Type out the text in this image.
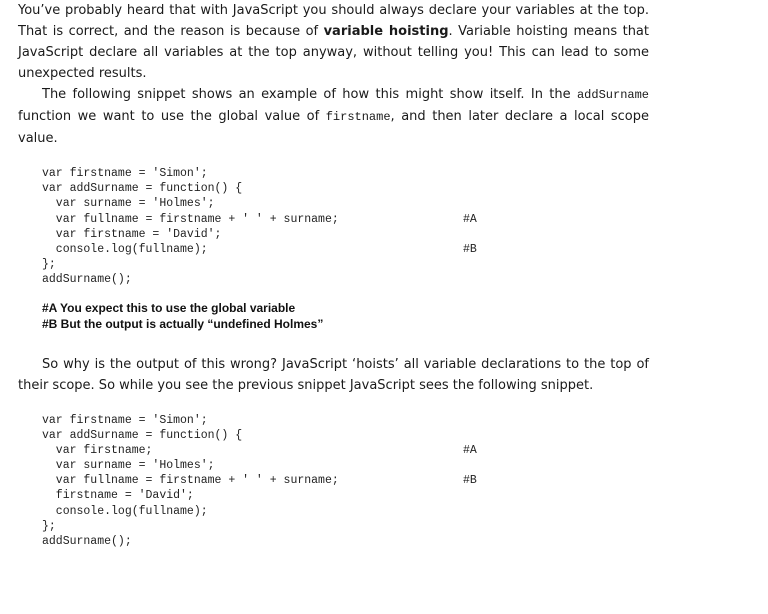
You’ve probably heard that with JavaScript you should always declare your variables at the top. That is correct, and the reason is because of variable hoisting. Variable hoisting means that JavaScript declare all variables at the top anyway, without telling you! This can lead to some unexpected results.

The following snippet shows an example of how this might show itself. In the addSurname function we want to use the global value of firstname, and then later declare a local scope value.

var firstname = 'Simon';
var addSurname = function() {
var surname = 'Holmes';
var fullname = firstname + ' ' + surname;	#A
var firstname = 'David';
console.log(fullname);	#B
};
addSurname();
#A You expect this to use the global variable
#B But the output is actually “undefined Holmes”

So why is the output of this wrong? JavaScript ‘hoists’ all variable declarations to the top of their scope. So while you see the previous snippet JavaScript sees the following snippet.

var firstname = 'Simon';
var addSurname = function() {
var firstname;	#A
var surname = 'Holmes';
var fullname = firstname + ' ' + surname;	#B
firstname = 'David';
console.log(fullname);
};
addSurname();
